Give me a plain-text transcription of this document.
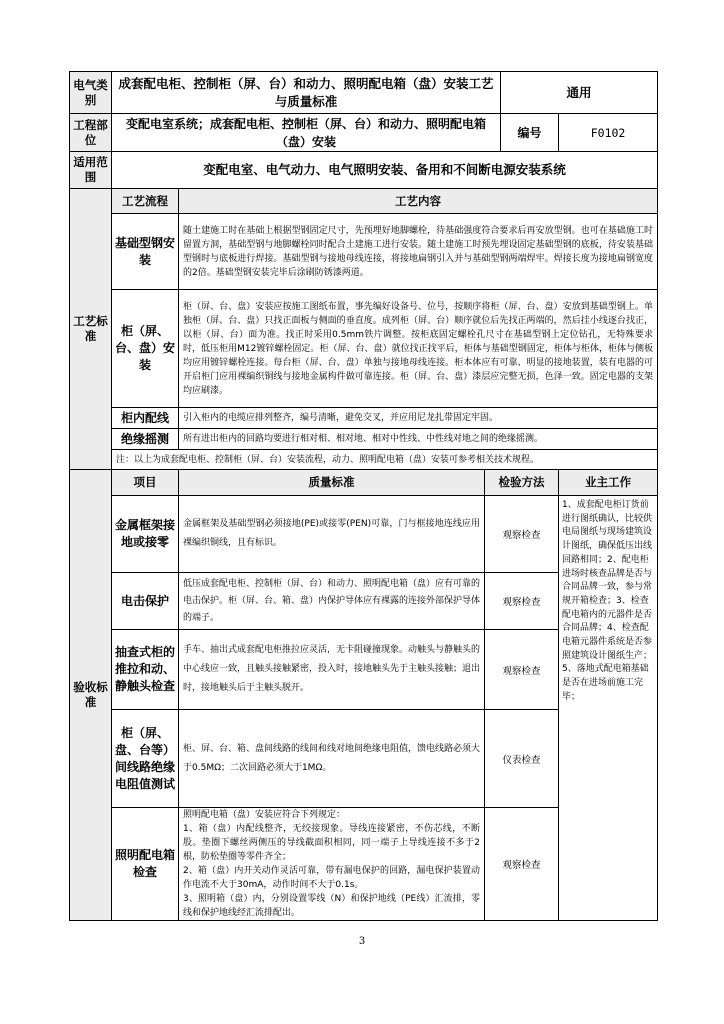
电气类别	成套配电柜、控制柜（屏、台）和动力、照明配电箱（盘）安装工艺与质量标准			通用	
工程部位	变配电室系统；成套配电柜、控制柜（屏、台）和动力、照明配电箱（盘）安装			编号	F0102
适用范围	变配电室、电气动力、电气照明安装、备用和不间断电源安装系统				
工艺标准	工艺流程	工艺内容			
	基础型钢安装	随土建施工时在基础上根据型钢固定尺寸，先预埋好地脚螺栓，待基础强度符合要求后再安放型钢。也可在基础施工时留置方洞，基础型钢与地脚螺栓同时配合土建施工进行安装。随土建施工时预先埋设固定基础型钢的底板，待安装基础型钢时与底板进行焊接。基础型钢与接地母线连接，将接地扁钢引入并与基础型钢两端焊牢。焊接长度为接地扁钢宽度的2倍。基础型钢安装完毕后涂刷防锈漆两道。			
	柜（屏、台、盘）安装	柜（屏、台、盘）安装应按施工图纸布置，事先编好设备号、位号，按顺序将柜（屏、台、盘）安放到基础型钢上。单独柜（屏、台、盘）只找正面板与侧面的垂直度。成列柜（屏、台）顺序就位后先找正两端的，然后挂小线逐台找正，以柜（屏、台）面为准。找正时采用0.5mm铁片调整。按柜底固定螺栓孔尺寸在基础型钢上定位钻孔，无特殊要求时，低压柜用M12镀锌螺栓固定。柜（屏、台、盘）就位找正找平后，柜体与基础型钢固定，柜体与柜体，柜体与侧板均应用镀锌螺栓连接。每台柜（屏、台、盘）单独与接地母线连接。柜本体应有可靠、明显的接地装置，装有电器的可开启柜门应用裸编织铜线与接地金属构件做可靠连接。柜（屏、台、盘）漆层应完整无损，色泽一致。固定电器的支架均应刷漆。			
	柜内配线	引入柜内的电缆应排列整齐，编号清晰，避免交叉，并应用尼龙扎带固定牢固。			
	绝缘摇测	所有进出柜内的回路均要进行相对相、相对地、相对中性线、中性线对地之间的绝缘摇测。			
	注：以上为成套配电柜、控制柜（屏、台）安装流程，动力、照明配电箱（盘）安装可参考相关技术规程。				
验收标准	项目	质量标准	检验方法		业主工作
	金属框架接地或接零	金属框架及基础型钢必须接地(PE)或接零(PEN)可靠，门与框接地连线应用裸编织铜线，且有标识。	观察检查		1、成套配电柜订货前进行图纸确认，比较供电局图纸与现场建筑设计图纸，确保低压出线回路相同；2、配电柜进场时核查品牌是否与合同品牌一致，参与常规开箱检查；3、检查配电箱内的元器件是否合同品牌；4、检查配电箱元器件系统是否参照建筑设计图纸生产；5、落地式配电箱基础是否在进场前施工完毕；
	电击保护	低压成套配电柜、控制柜（屏、台）和动力、照明配电箱（盘）应有可靠的电击保护。柜（屏、台、箱、盘）内保护导体应有裸露的连接外部保护导体的端子。	观察检查		
	抽查式柜的推拉和动、静触头检查	手车、抽出式成套配电柜推拉应灵活，无卡阻碰撞现象。动触头与静触头的中心线应一致，且触头接触紧密，投入时，接地触头先于主触头接触；退出时，接地触头后于主触头脱开。	观察检查		
	柜（屏、盘、台等）间线路绝缘电阻值测试	柜、屏、台、箱、盘间线路的线间和线对地间绝缘电阻值，馈电线路必须大于0.5MΩ；二次回路必须大于1MΩ。	仪表检查		
	照明配电箱检查	照明配电箱（盘）安装应符合下列规定：
1、箱（盘）内配线整齐，无绞接现象。导线连接紧密，不伤芯线，不断股。垫圈下螺丝两侧压的导线截面积相同，同一端子上导线连接不多于2根，防松垫圈等零件齐全；
2、箱（盘）内开关动作灵活可靠，带有漏电保护的回路，漏电保护装置动作电流不大于30mA，动作时间不大于0.1s。
3、照明箱（盘）内，分别设置零线（N）和保护地线（PE线）汇流排，零线和保护地线经汇流排配出。	观察检查		
3
